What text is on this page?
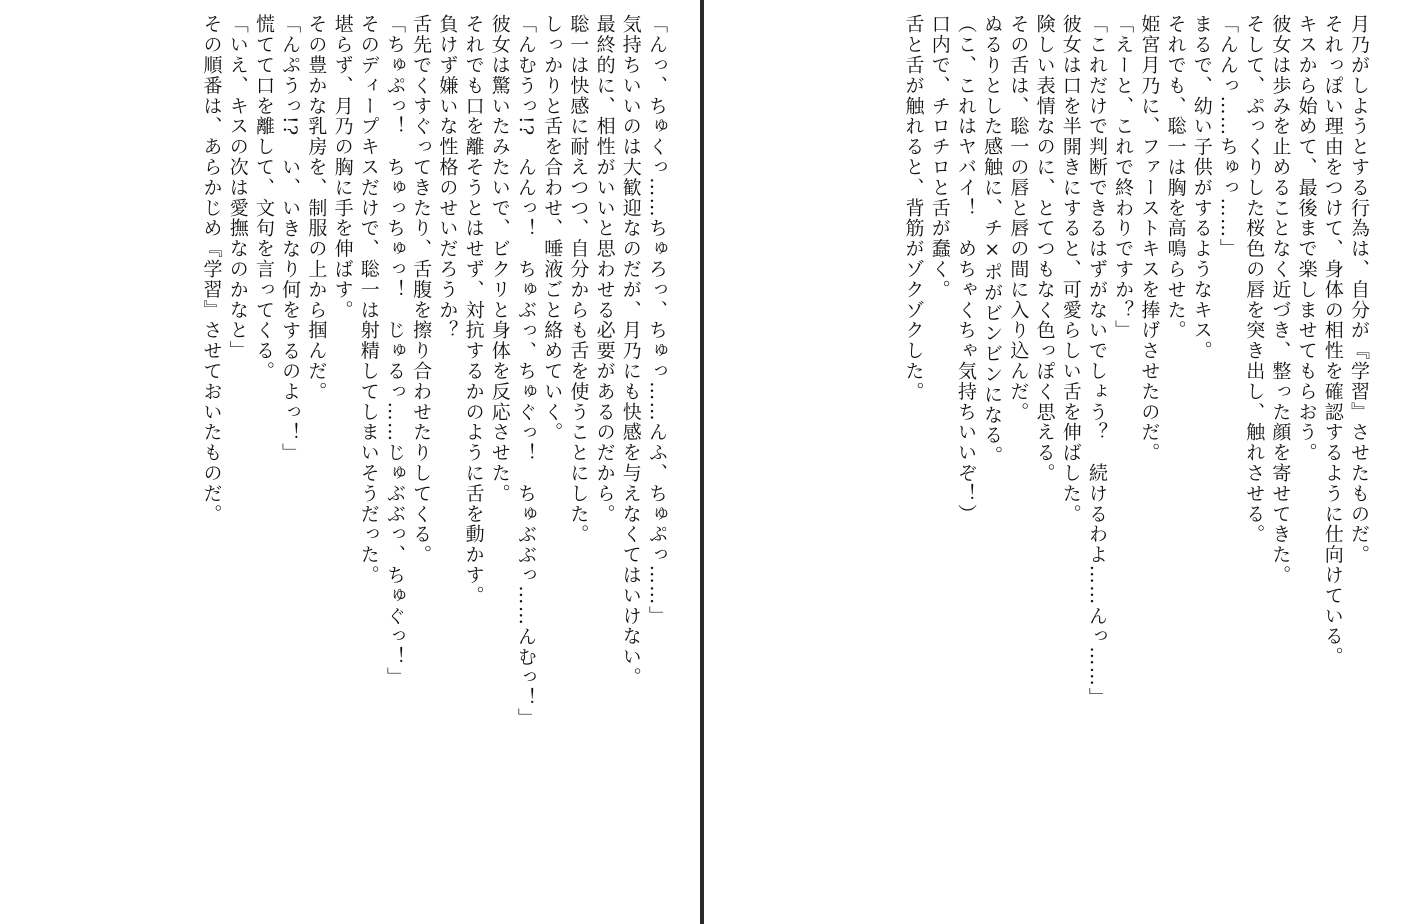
「んっ、ちゅくっ……ちゅろっ、ちゅっ……んふ、ちゅぷっ……」
気持ちいいのは大歓迎なのだが、月乃にも快感を与えなくてはいけない。
最終的に、相性がいいと思わせる必要があるのだから。
聡一は快感に耐えつつ、自分からも舌を使うことにした。
しっかりと舌を合わせ、唾液ごと絡めていく。
「んむうっ!?　んんっ！　ちゅぶっ、ちゅぐっ！　ちゅぶぶっ……んむっ！」
彼女は驚いたみたいで、ビクリと身体を反応させた。
それでも口を離そうとはせず、対抗するかのように舌を動かす。
負けず嫌いな性格のせいだろうか？
舌先でくすぐってきたり、舌腹を擦り合わせたりしてくる。
「ちゅぷっ！　ちゅっちゅっ！　じゅるっ……じゅぶぶっ、ちゅぐっ！」
そのディープキスだけで、聡一は射精してしまいそうだった。
堪らず、月乃の胸に手を伸ばす。
その豊かな乳房を、制服の上から掴んだ。
「んぷうっ!?　い、いきなり何をするのよっ！」
慌てて口を離して、文句を言ってくる。
「いえ、キスの次は愛撫なのかなと」
その順番は、あらかじめ『学習』させておいたものだ。	月乃がしようとする行為は、自分が『学習』させたものだ。
それっぽい理由をつけて、身体の相性を確認するように仕向けている。
キスから始めて、最後まで楽しませてもらおう。
彼女は歩みを止めることなく近づき、整った顔を寄せてきた。
そして、ぷっくりした桜色の唇を突き出し、触れさせる。
「んんっ……ちゅっ……」
まるで、幼い子供がするようなキス。
それでも、聡一は胸を高鳴らせた。
姫宮月乃に、ファーストキスを捧げさせたのだ。
「えーと、これで終わりですか？」
「これだけで判断できるはずがないでしょう？　続けるわよ……んっ……」
彼女は口を半開きにすると、可愛らしい舌を伸ばした。
険しい表情なのに、とてつもなく色っぽく思える。
その舌は、聡一の唇と唇の間に入り込んだ。
ぬるりとした感触に、チ×ポがビンビンになる。
（こ、これはヤバイ！　めちゃくちゃ気持ちいいぞ！）
口内で、チロチロと舌が蠢く。
舌と舌が触れると、背筋がゾクゾクした。
